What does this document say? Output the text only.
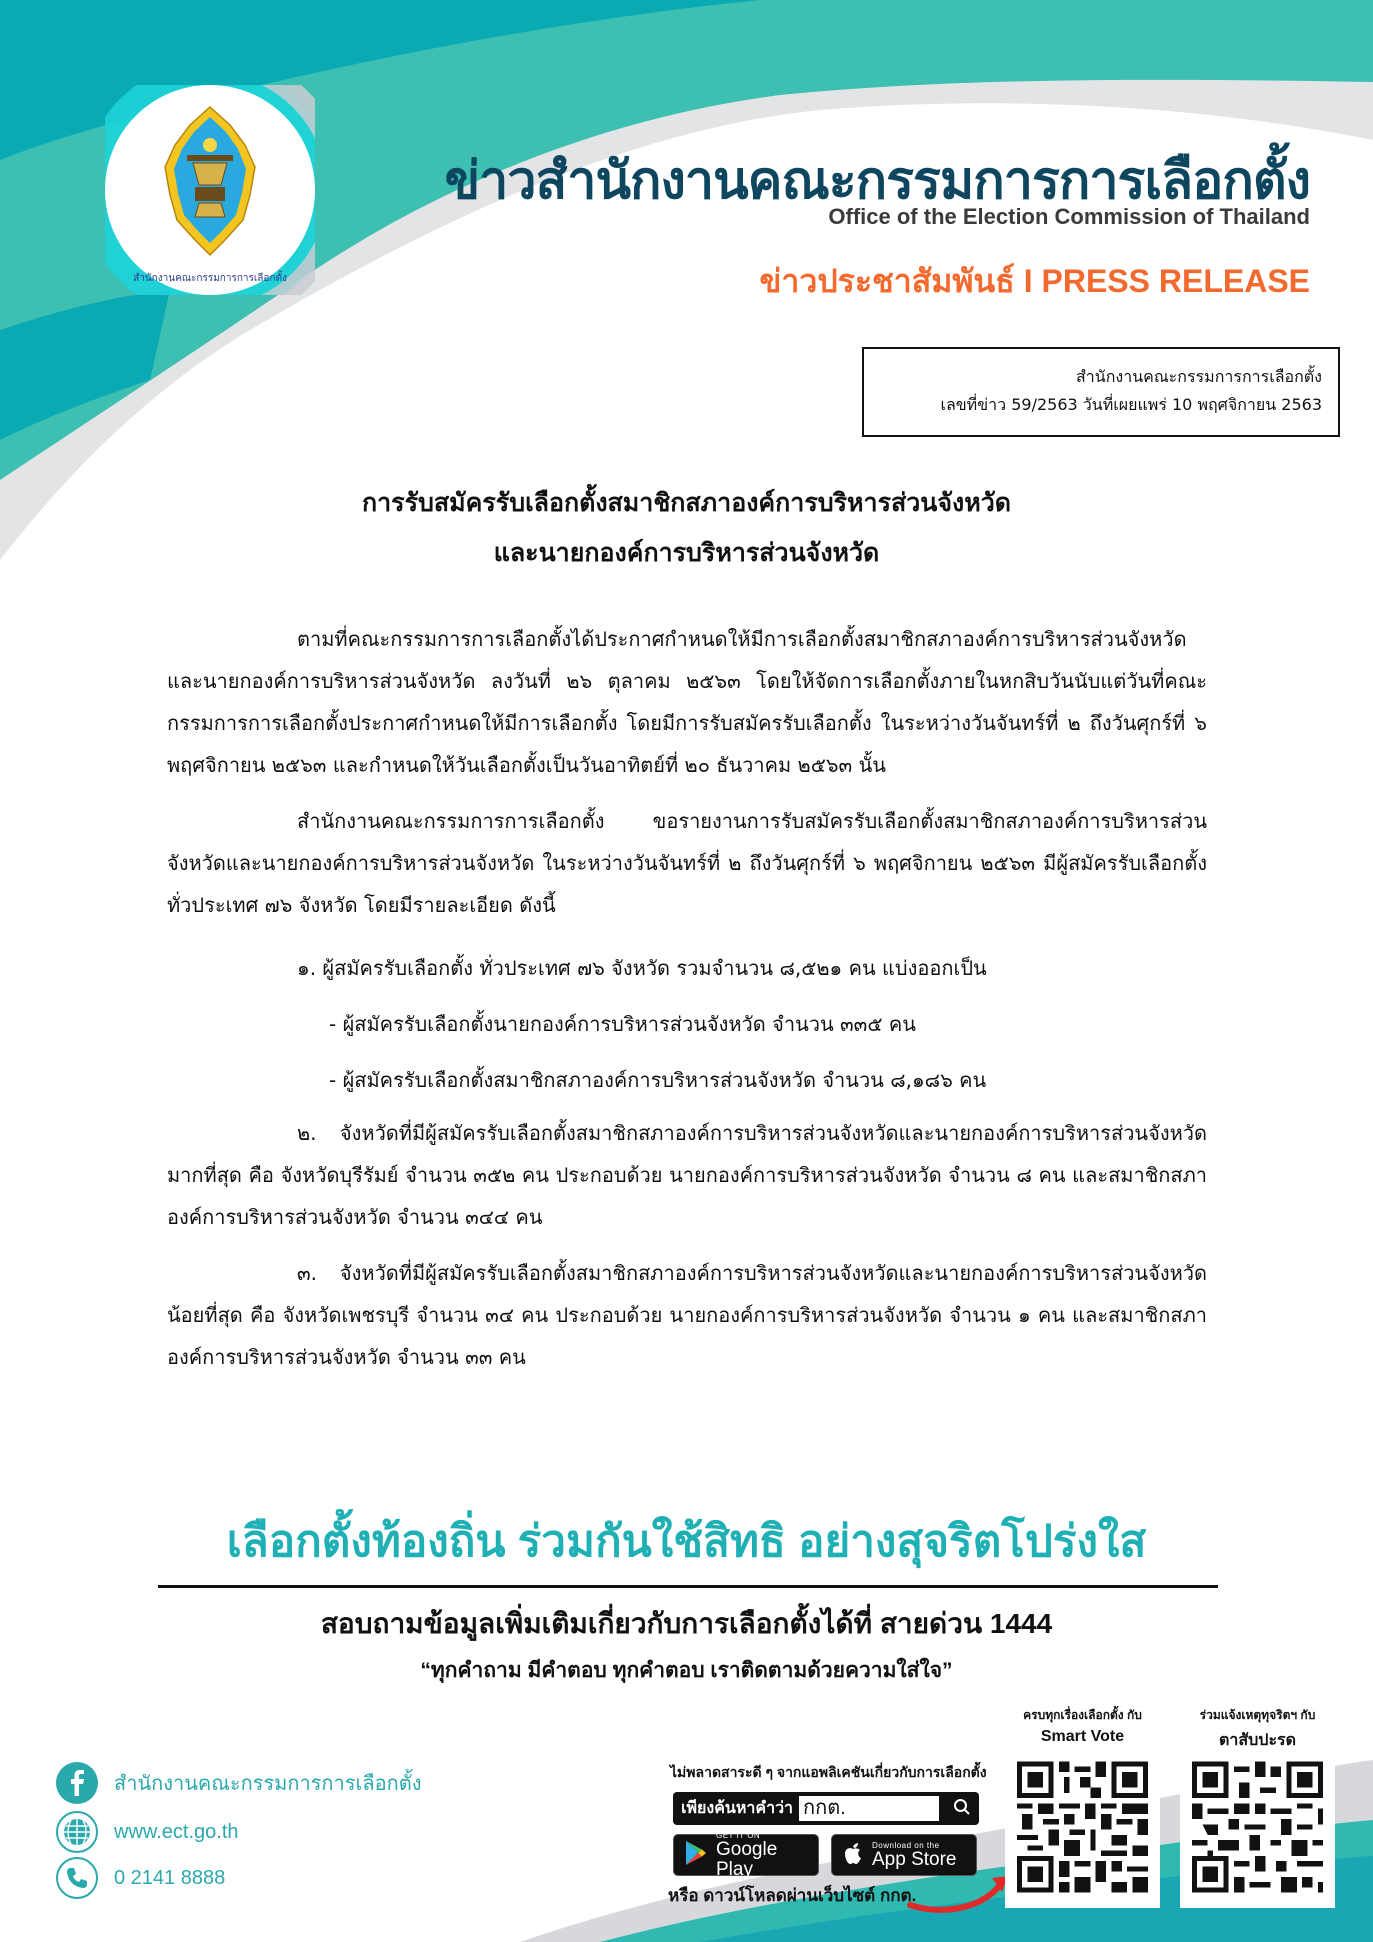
สำนักงานคณะกรรมการการเลือกตั้ง
ข่าวสำนักงานคณะกรรมการการเลือกตั้ง
Office of the Election Commission of Thailand
ข่าวประชาสัมพันธ์ I PRESS RELEASE
สำนักงานคณะกรรมการการเลือกตั้ง
เลขที่ข่าว 59/2563 วันที่เผยแพร่ 10 พฤศจิกายน 2563
การรับสมัครรับเลือกตั้งสมาชิกสภาองค์การบริหารส่วนจังหวัด
และนายกองค์การบริหารส่วนจังหวัด

ตามที่คณะกรรมการการเลือกตั้งได้ประกาศกำหนดให้มีการเลือกตั้งสมาชิกสภาองค์การบริหารส่วนจังหวัดและนายกองค์การบริหารส่วนจังหวัด ลงวันที่ ๒๖ ตุลาคม ๒๕๖๓ โดยให้จัดการเลือกตั้งภายในหกสิบวันนับแต่วันที่คณะกรรมการการเลือกตั้งประกาศกำหนดให้มีการเลือกตั้ง โดยมีการรับสมัครรับเลือกตั้ง ในระหว่างวันจันทร์ที่ ๒ ถึงวันศุกร์ที่ ๖ พฤศจิกายน ๒๕๖๓ และกำหนดให้วันเลือกตั้งเป็นวันอาทิตย์ที่ ๒๐ ธันวาคม ๒๕๖๓ นั้น

สำนักงานคณะกรรมการการเลือกตั้ง ขอรายงานการรับสมัครรับเลือกตั้งสมาชิกสภาองค์การบริหารส่วนจังหวัดและนายกองค์การบริหารส่วนจังหวัด ในระหว่างวันจันทร์ที่ ๒ ถึงวันศุกร์ที่ ๖ พฤศจิกายน ๒๕๖๓ มีผู้สมัครรับเลือกตั้งทั่วประเทศ ๗๖ จังหวัด โดยมีรายละเอียด ดังนี้

๑. ผู้สมัครรับเลือกตั้ง ทั่วประเทศ ๗๖ จังหวัด รวมจำนวน ๘,๕๒๑ คน แบ่งออกเป็น

- ผู้สมัครรับเลือกตั้งนายกองค์การบริหารส่วนจังหวัด จำนวน ๓๓๕ คน

- ผู้สมัครรับเลือกตั้งสมาชิกสภาองค์การบริหารส่วนจังหวัด จำนวน ๘,๑๘๖ คน

๒. จังหวัดที่มีผู้สมัครรับเลือกตั้งสมาชิกสภาองค์การบริหารส่วนจังหวัดและนายกองค์การบริหารส่วนจังหวัดมากที่สุด คือ จังหวัดบุรีรัมย์ จำนวน ๓๕๒ คน ประกอบด้วย นายกองค์การบริหารส่วนจังหวัด จำนวน ๘ คน และสมาชิกสภาองค์การบริหารส่วนจังหวัด จำนวน ๓๔๔ คน

๓. จังหวัดที่มีผู้สมัครรับเลือกตั้งสมาชิกสภาองค์การบริหารส่วนจังหวัดและนายกองค์การบริหารส่วนจังหวัดน้อยที่สุด คือ จังหวัดเพชรบุรี จำนวน ๓๔ คน ประกอบด้วย นายกองค์การบริหารส่วนจังหวัด จำนวน ๑ คน และสมาชิกสภาองค์การบริหารส่วนจังหวัด จำนวน ๓๓ คน

เลือกตั้งท้องถิ่น ร่วมกันใช้สิทธิ อย่างสุจริตโปร่งใส
สอบถามข้อมูลเพิ่มเติมเกี่ยวกับการเลือกตั้งได้ที่ สายด่วน 1444
“ทุกคำถาม มีคำตอบ ทุกคำตอบ เราติดตามด้วยความใส่ใจ”
สำนักงานคณะกรรมการการเลือกตั้ง
www.ect.go.th
0 2141 8888
ไม่พลาดสาระดี ๆ จากแอพลิเคชันเกี่ยวกับการเลือกตั้ง
เพียงค้นหาคำว่า กกต.
GET IT ON
Google Play
Download on the
App Store
หรือ ดาวน์โหลดผ่านเว็บไซต์ กกต.
ครบทุกเรื่องเลือกตั้ง กับ
Smart Vote
ร่วมแจ้งเหตุทุจริตฯ กับ
ตาสับปะรด
